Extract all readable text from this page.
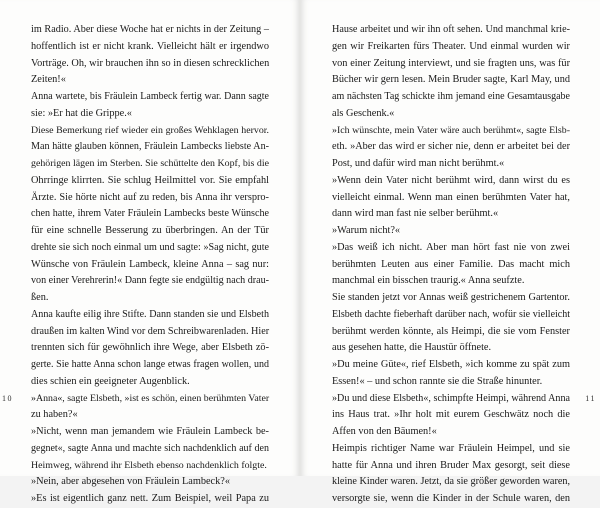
im Radio. Aber diese Woche hat er nichts in der Zeitung –
hoffentlich ist er nicht krank. Vielleicht hält er irgendwo
Vorträge. Oh, wir brauchen ihn so in diesen schrecklichen
Zeiten!«
Anna wartete, bis Fräulein Lambeck fertig war. Dann sagte
sie: »Er hat die Grippe.«
Diese Bemerkung rief wieder ein großes Wehklagen hervor.
Man hätte glauben können, Fräulein Lambecks liebste An-
gehörigen lägen im Sterben. Sie schüttelte den Kopf, bis die
Ohrringe klirrten. Sie schlug Heilmittel vor. Sie empfahl
Ärzte. Sie hörte nicht auf zu reden, bis Anna ihr verspro-
chen hatte, ihrem Vater Fräulein Lambecks beste Wünsche
für eine schnelle Besserung zu überbringen. An der Tür
drehte sie sich noch einmal um und sagte: »Sag nicht, gute
Wünsche von Fräulein Lambeck, kleine Anna – sag nur:
von einer Verehrerin!« Dann fegte sie endgültig nach drau-
ßen.
Anna kaufte eilig ihre Stifte. Dann standen sie und Elsbeth
draußen im kalten Wind vor dem Schreibwarenladen. Hier
trennten sich für gewöhnlich ihre Wege, aber Elsbeth zö-
gerte. Sie hatte Anna schon lange etwas fragen wollen, und
dies schien ein geeigneter Augenblick.
»Anna«, sagte Elsbeth, »ist es schön, einen berühmten Vater
zu haben?«
»Nicht, wenn man jemandem wie Fräulein Lambeck be-
gegnet«, sagte Anna und machte sich nachdenklich auf den
Heimweg, während ihr Elsbeth ebenso nachdenklich folgte.
»Nein, aber abgesehen von Fräulein Lambeck?«
»Es ist eigentlich ganz nett. Zum Beispiel, weil Papa zu
10
Hause arbeitet und wir ihn oft sehen. Und manchmal krie-
gen wir Freikarten fürs Theater. Und einmal wurden wir
von einer Zeitung interviewt, und sie fragten uns, was für
Bücher wir gern lesen. Mein Bruder sagte, Karl May, und
am nächsten Tag schickte ihm jemand eine Gesamtausgabe
als Geschenk.«
»Ich wünschte, mein Vater wäre auch berühmt«, sagte Elsb-
eth. »Aber das wird er sicher nie, denn er arbeitet bei der
Post, und dafür wird man nicht berühmt.«
»Wenn dein Vater nicht berühmt wird, dann wirst du es
vielleicht einmal. Wenn man einen berühmten Vater hat,
dann wird man fast nie selber berühmt.«
»Warum nicht?«
»Das weiß ich nicht. Aber man hört fast nie von zwei
berühmten Leuten aus einer Familie. Das macht mich
manchmal ein bisschen traurig.« Anna seufzte.
Sie standen jetzt vor Annas weiß gestrichenem Gartentor.
Elsbeth dachte fieberhaft darüber nach, wofür sie vielleicht
berühmt werden könnte, als Heimpi, die sie vom Fenster
aus gesehen hatte, die Haustür öffnete.
»Du meine Güte«, rief Elsbeth, »ich komme zu spät zum
Essen!« – und schon rannte sie die Straße hinunter.
»Du und diese Elsbeth«, schimpfte Heimpi, während Anna
ins Haus trat. »Ihr holt mit eurem Geschwätz noch die
Affen von den Bäumen!«
Heimpis richtiger Name war Fräulein Heimpel, und sie
hatte für Anna und ihren Bruder Max gesorgt, seit diese
kleine Kinder waren. Jetzt, da sie größer geworden waren,
versorgte sie, wenn die Kinder in der Schule waren, den
11
